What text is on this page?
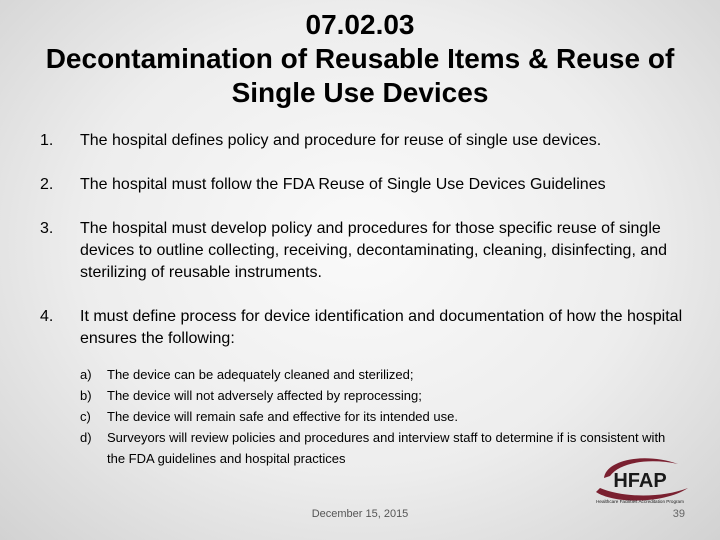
07.02.03
Decontamination of Reusable Items & Reuse of
Single Use Devices
1. The hospital defines policy and procedure for reuse of single use devices.
2. The hospital must follow the FDA Reuse of Single Use Devices Guidelines
3. The hospital must develop policy and procedures for those specific reuse of single devices to outline collecting, receiving, decontaminating, cleaning, disinfecting, and sterilizing of reusable instruments.
4. It must define process for device identification and documentation of how the hospital ensures the following:
a) The device can be adequately cleaned and sterilized;
b) The device will not adversely affected by reprocessing;
c) The device will remain safe and effective for its intended use.
d) Surveyors will review policies and procedures and interview staff to determine if is consistent with the FDA guidelines and hospital practices
HFAP
Healthcare Facilities Accreditation Program
December 15, 2015	39
